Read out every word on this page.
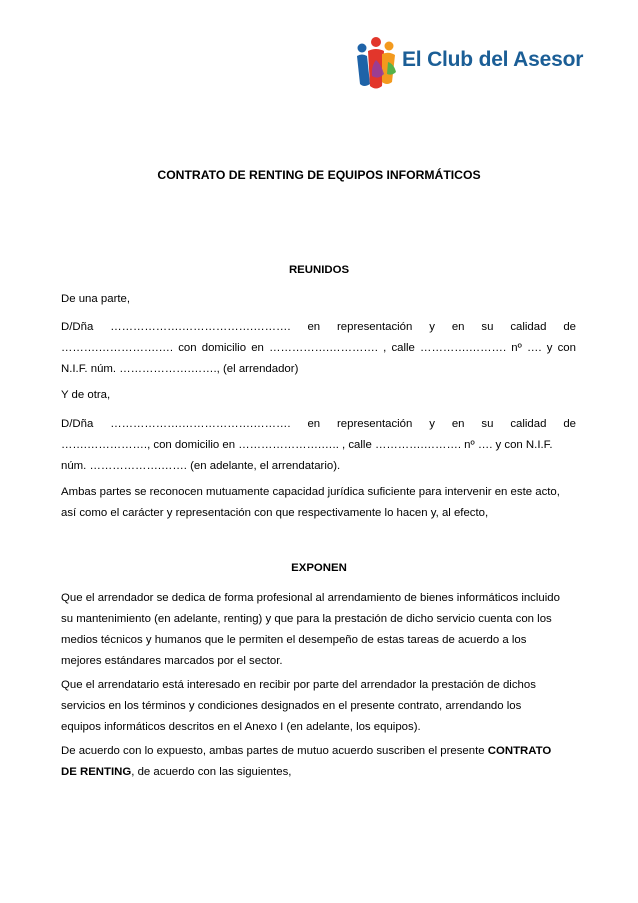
El Club del Asesor
CONTRATO DE RENTING DE EQUIPOS INFORMÁTICOS
REUNIDOS
De una parte,
D/Dña ……………….……………….………. en representación y en su calidad de
……….…………….…. con domicilio en …………….…………. , calle ………….………. nº …. y con
N.I.F. núm. ……………….……., (el arrendador)
Y de otra,
D/Dña ……………….……………….………. en representación y en su calidad de
…….……………., con domicilio en ………………….….. , calle ………….………. nº …. y con N.I.F.
núm. ……………….……. (en adelante, el arrendatario).
Ambas partes se reconocen mutuamente capacidad jurídica suficiente para intervenir en este acto,
así como el carácter y representación con que respectivamente lo hacen y, al efecto,
EXPONEN
Que el arrendador se dedica de forma profesional al arrendamiento de bienes informáticos incluido
su mantenimiento (en adelante, renting) y que para la prestación de dicho servicio cuenta con los
medios técnicos y humanos que le permiten el desempeño de estas tareas de acuerdo a los
mejores estándares marcados por el sector.
Que el arrendatario está interesado en recibir por parte del arrendador la prestación de dichos
servicios en los términos y condiciones designados en el presente contrato, arrendando los
equipos informáticos descritos en el Anexo I (en adelante, los equipos).
De acuerdo con lo expuesto, ambas partes de mutuo acuerdo suscriben el presente CONTRATO
DE RENTING, de acuerdo con las siguientes,
